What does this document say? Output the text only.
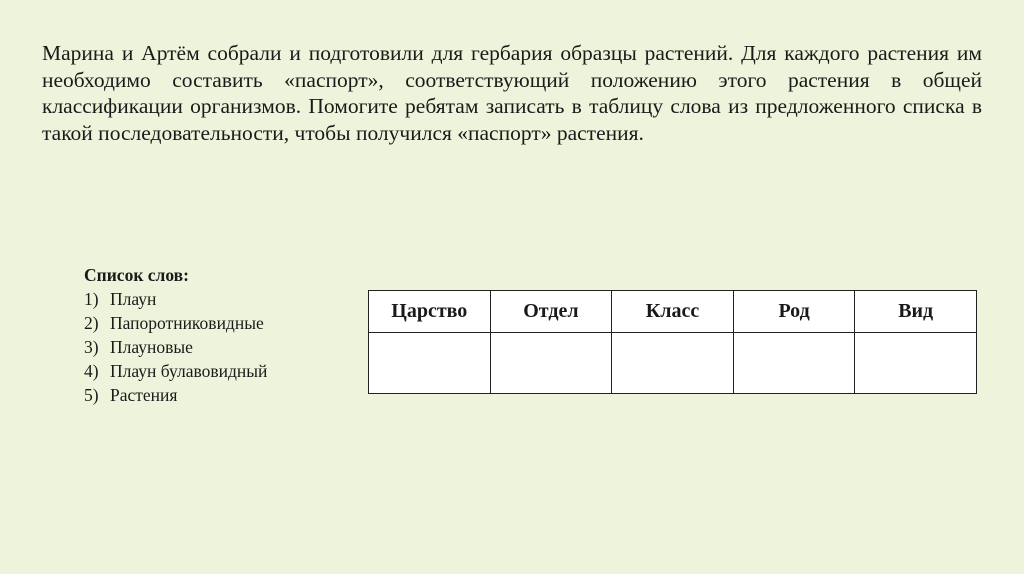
Марина и Артём собрали и подготовили для гербария образцы растений. Для каждого растения им необходимо составить «паспорт», соответствующий положению этого растения в общей классификации организмов. Помогите ребятам записать в таблицу слова из предложенного списка в такой последовательности, чтобы получился «паспорт» растения.

Список слов:

1) Плаун
2) Папоротниковидные
3) Плауновые
4) Плаун булавовидный
5) Растения
Царство	Отдел	Класс	Род	Вид
